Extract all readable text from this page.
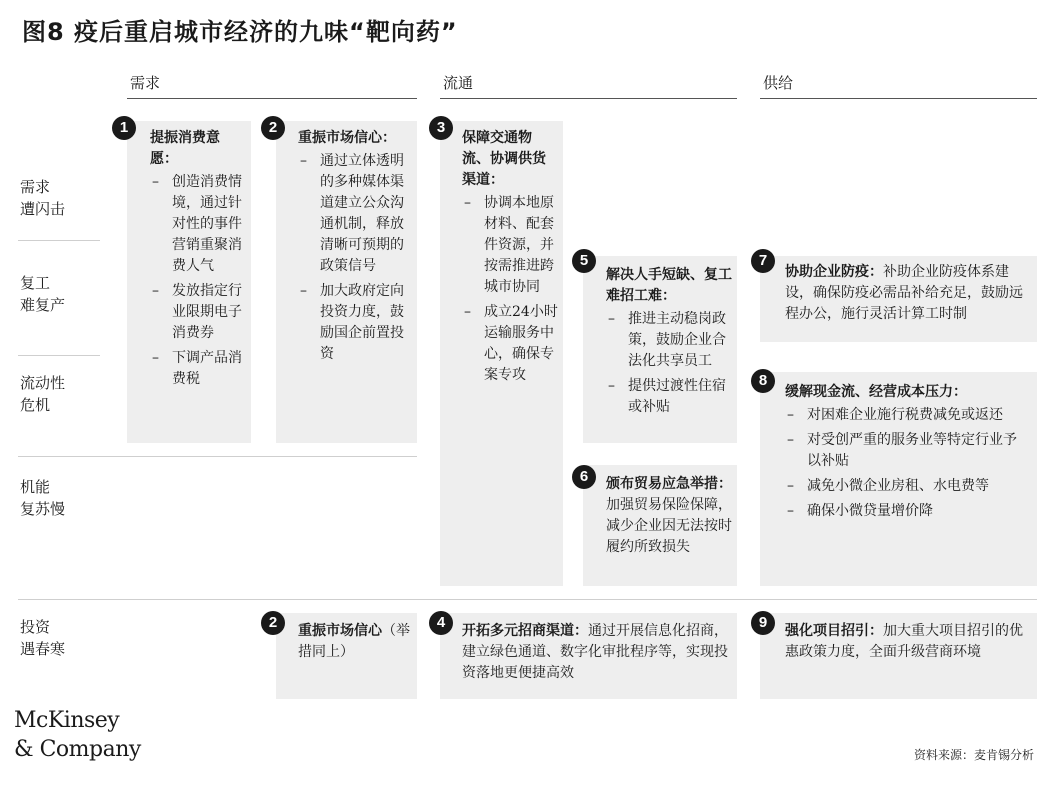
图8 疫后重启城市经济的九味“靶向药”
需求	流通	供给
需求
遭闪击
复工
难复产
流动性
危机
机能
复苏慢
投资
遇春寒
1
提振消费意愿：
– 创造消费情境，通过针对性的事件营销重聚消费人气
– 发放指定行业限期电子消费券
– 下调产品消费税
2
重振市场信心：
– 通过立体透明的多种媒体渠道建立公众沟通机制，释放清晰可预期的政策信号
– 加大政府定向投资力度，鼓励国企前置投资
3
保障交通物流、协调供货渠道：
– 协调本地原材料、配套件资源，并按需推进跨城市协同
– 成立24小时运输服务中心，确保专案专攻
5
解决人手短缺、复工难招工难：
– 推进主动稳岗政策，鼓励企业合法化共享员工
– 提供过渡性住宿或补贴
6	颁布贸易应急举措：加强贸易保险保障，减少企业因无法按时履约所致损失
7
协助企业防疫：补助企业防疫体系建设，确保防疫必需品补给充足，鼓励远程办公，施行灵活计算工时制
8
缓解现金流、经营成本压力：
– 对困难企业施行税费减免或返还
– 对受创严重的服务业等特定行业予以补贴
– 减免小微企业房租、水电费等
– 确保小微贷量增价降
2	重振市场信心（举措同上）
4	开拓多元招商渠道：通过开展信息化招商，建立绿色通道、数字化审批程序等，实现投资落地更便捷高效
9	强化项目招引：加大重大项目招引的优惠政策力度，全面升级营商环境
McKinsey
& Company	资料来源：麦肯锡分析
